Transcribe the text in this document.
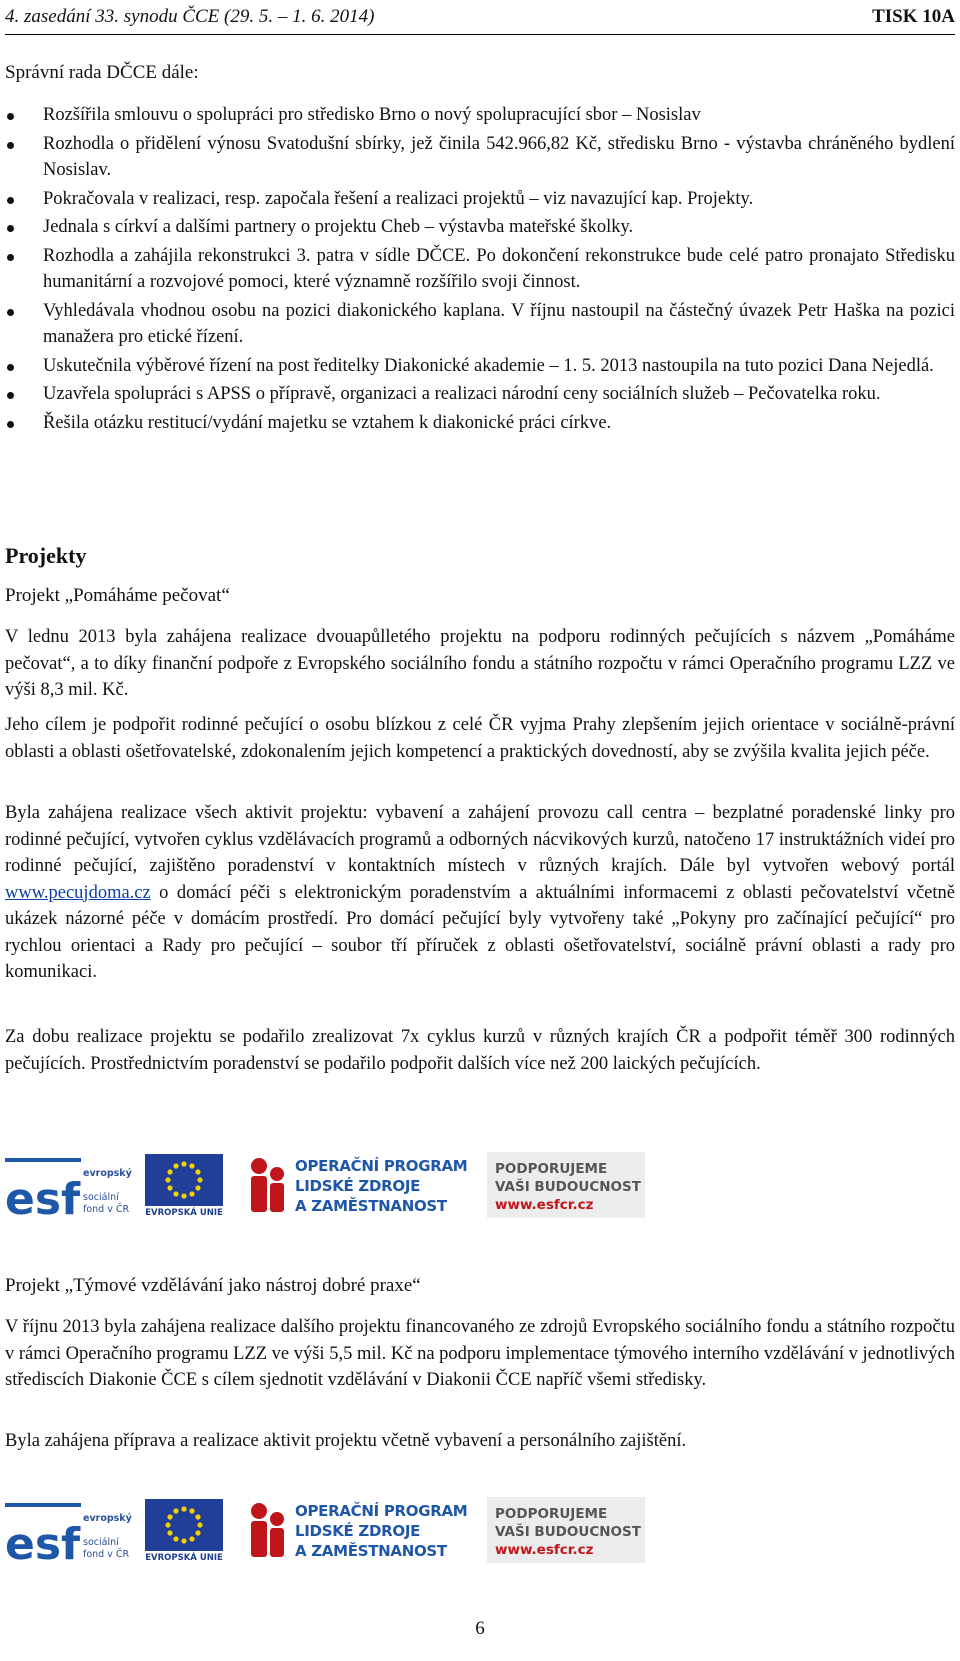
4. zasedání 33. synodu ČCE (29. 5. – 1. 6. 2014)	TISK 10A
Správní rada DČCE dále:
Rozšířila smlouvu o spolupráci pro středisko Brno o nový spolupracující sbor – Nosislav
Rozhodla o přidělení výnosu Svatodušní sbírky, jež činila 542.966,82 Kč, středisku Brno - výstavba chráněného bydlení Nosislav.
Pokračovala v realizaci, resp. započala řešení a realizaci projektů – viz navazující kap. Projekty.
Jednala s církví a dalšími partnery o projektu Cheb – výstavba mateřské školky.
Rozhodla a zahájila rekonstrukci 3. patra v sídle DČCE. Po dokončení rekonstrukce bude celé patro pronajato Středisku humanitární a rozvojové pomoci, které významně rozšířilo svoji činnost.
Vyhledávala vhodnou osobu na pozici diakonického kaplana. V říjnu nastoupil na částečný úvazek Petr Haška na pozici manažera pro etické řízení.
Uskutečnila výběrové řízení na post ředitelky Diakonické akademie – 1. 5. 2013 nastoupila na tuto pozici Dana Nejedlá.
Uzavřela spolupráci s APSS o přípravě, organizaci a realizaci národní ceny sociálních služeb – Pečovatelka roku.
Řešila otázku restitucí/vydání majetku se vztahem k diakonické práci církve.
Projekty
Projekt „Pomáháme pečovat“
V lednu 2013 byla zahájena realizace dvouapůlletého projektu na podporu rodinných pečujících s názvem „Pomáháme pečovat“, a to díky finanční podpoře z Evropského sociálního fondu a státního rozpočtu v rámci Operačního programu LZZ ve výši 8,3 mil. Kč.
Jeho cílem je podpořit rodinné pečující o osobu blízkou z celé ČR vyjma Prahy zlepšením jejich orientace v sociálně-právní oblasti a oblasti ošetřovatelské, zdokonalením jejich kompetencí a praktických dovedností, aby se zvýšila kvalita jejich péče.
Byla zahájena realizace všech aktivit projektu: vybavení a zahájení provozu call centra – bezplatné poradenské linky pro rodinné pečující, vytvořen cyklus vzdělávacích programů a odborných nácvikových kurzů, natočeno 17 instruktážních videí pro rodinné pečující, zajištěno poradenství v kontaktních místech v různých krajích. Dále byl vytvořen webový portál www.pecujdoma.cz o domácí péči s elektronickým poradenstvím a aktuálními informacemi z oblasti pečovatelství včetně ukázek názorné péče v domácím prostředí. Pro domácí pečující byly vytvořeny také „Pokyny pro začínající pečující“ pro rychlou orientaci a Rady pro pečující – soubor tří příruček z oblasti ošetřovatelství, sociálně právní oblasti a rady pro komunikaci.
Za dobu realizace projektu se podařilo zrealizovat 7x cyklus kurzů v různých krajích ČR a podpořit téměř 300 rodinných pečujících. Prostřednictvím poradenství se podařilo podpořit dalších více než 200 laických pečujících.
esf
evropský
sociální
fond v ČR	EVROPSKÁ UNIE
OPERAČNÍ PROGRAM
LIDSKÉ ZDROJE
A ZAMĚSTNANOST
PODPORUJEME
VAŠI BUDOUCNOST
www.esfcr.cz
Projekt „Týmové vzdělávání jako nástroj dobré praxe“
V říjnu 2013 byla zahájena realizace dalšího projektu financovaného ze zdrojů Evropského sociálního fondu a státního rozpočtu v rámci Operačního programu LZZ ve výši 5,5 mil. Kč na podporu implementace týmového interního vzdělávání v jednotlivých střediscích Diakonie ČCE s cílem sjednotit vzdělávání v Diakonii ČCE napříč všemi středisky.
Byla zahájena příprava a realizace aktivit projektu včetně vybavení a personálního zajištění.
esf
evropský
sociální
fond v ČR	EVROPSKÁ UNIE
OPERAČNÍ PROGRAM
LIDSKÉ ZDROJE
A ZAMĚSTNANOST
PODPORUJEME
VAŠI BUDOUCNOST
www.esfcr.cz
6
